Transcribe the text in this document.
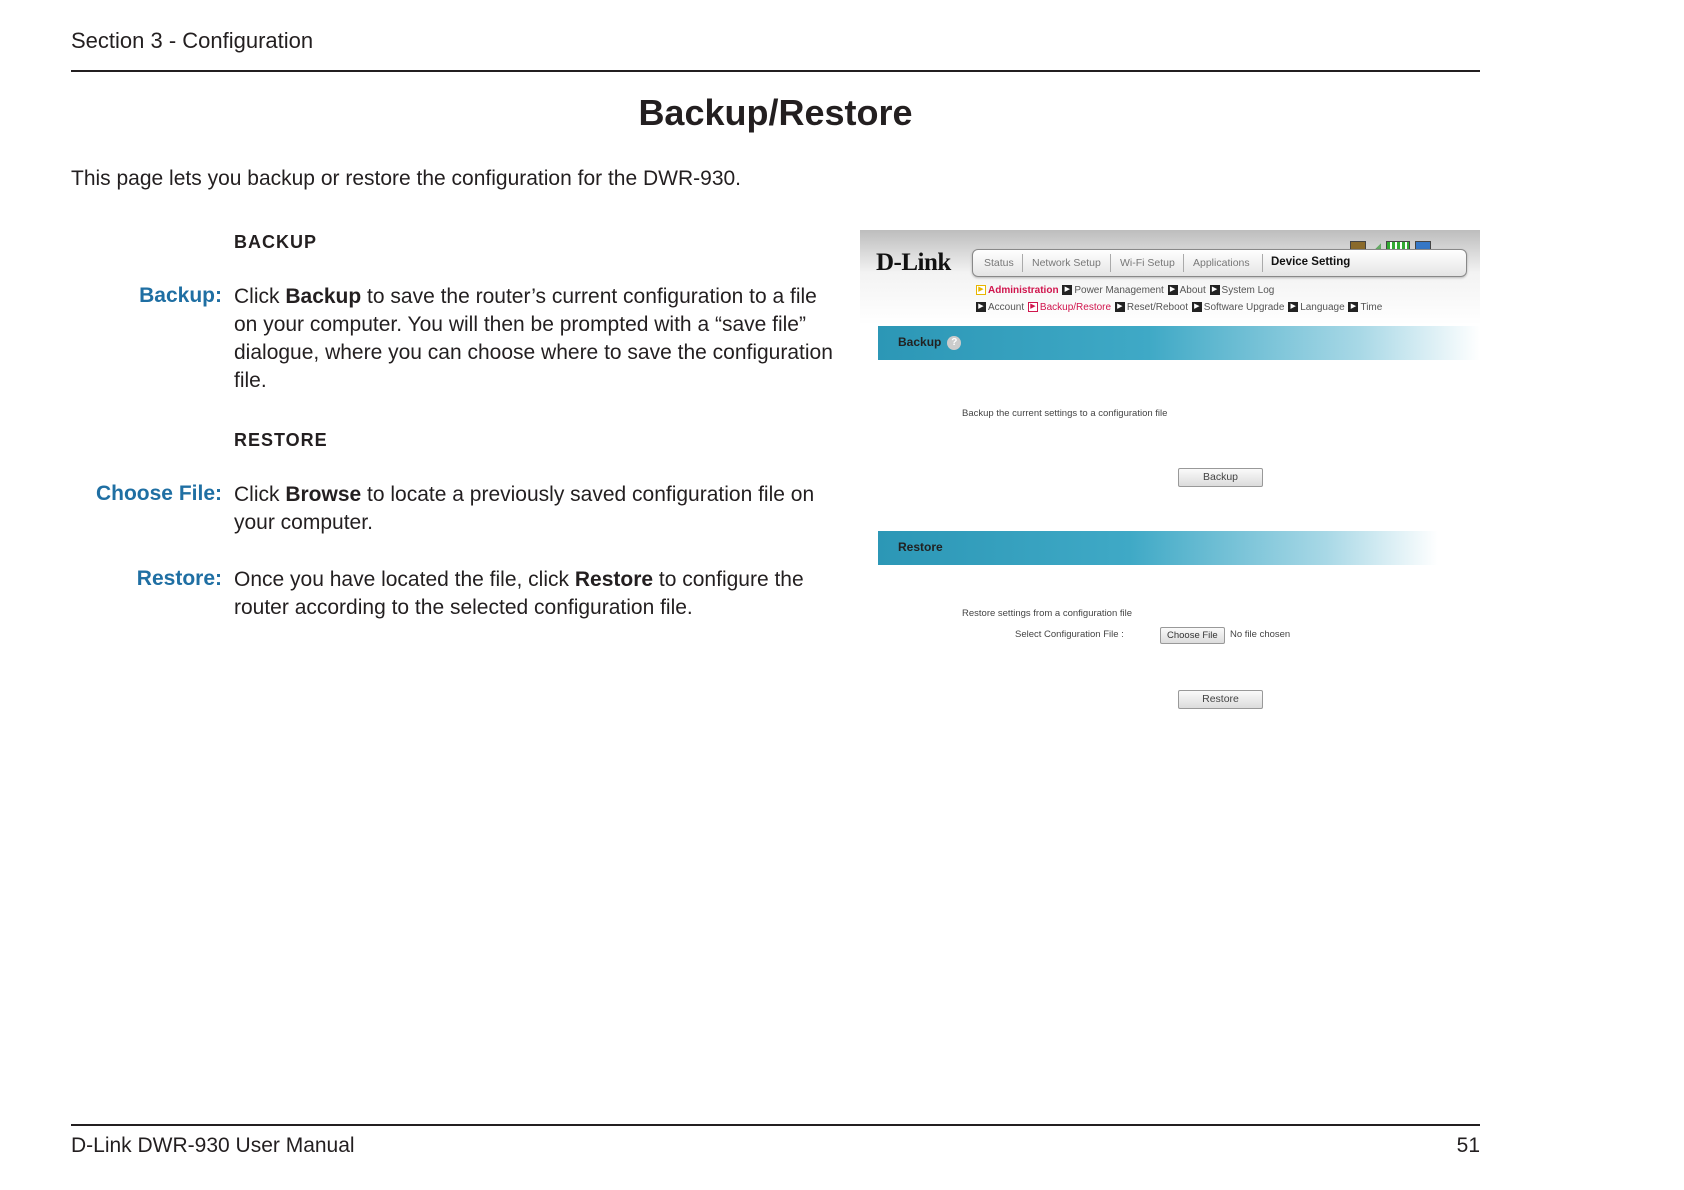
Section 3 - Configuration
Backup/Restore
This page lets you backup or restore the configuration for the DWR-930.
BACKUP
Backup: Click Backup to save the router’s current configuration to a file on your computer. You will then be prompted with a “save file” dialogue, where you can choose where to save the configuration file.
RESTORE
Choose File: Click Browse to locate a previously saved configuration file on your computer.
Restore: Once you have located the file, click Restore to configure the router according to the selected configuration file.
D-Link	Status Network Setup Wi-Fi Setup Applications Device Setting
▶ Administration ▶ Power Management ▶ About ▶ System Log
▶ Account ▶ Backup/Restore ▶ Reset/Reboot ▶ Software Upgrade ▶ Language ▶ Time
Backup ?
Backup the current settings to a configuration file
Backup
Restore
Restore settings from a configuration file
Select Configuration File :	Choose File	No file chosen
Restore
D-Link DWR-930 User Manual	51
